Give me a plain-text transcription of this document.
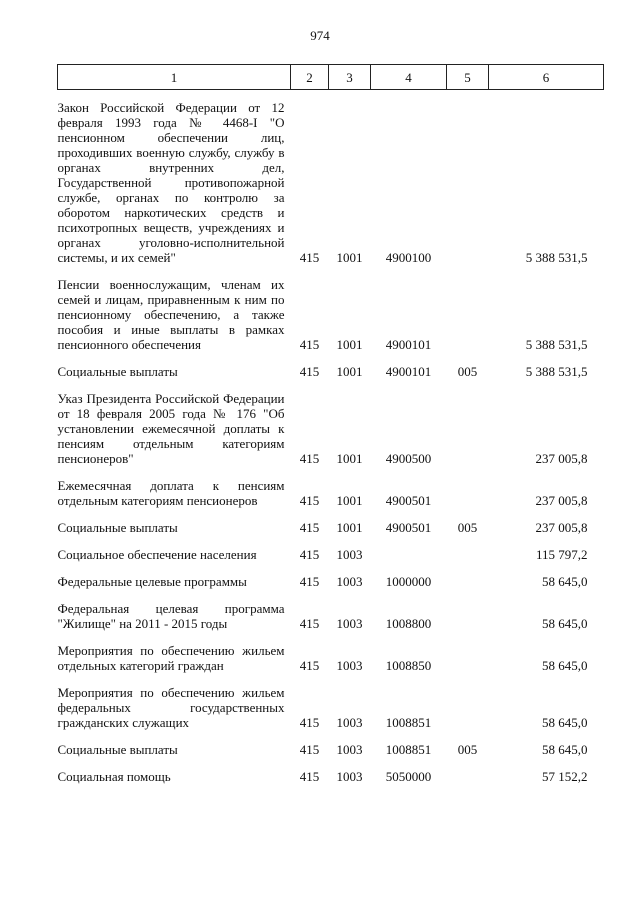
974
1	2	3	4	5	6
Закон Российской Федерации от 12 февраля 1993 года № 4468-I "О пенсионном обеспечении лиц, проходивших военную службу, службу в органах внутренних дел, Государственной противопожарной службе, органах по контролю за оборотом наркотических средств и психотропных веществ, учреждениях и органах уголовно-исполнительной системы, и их семей"	415	1001	4900100		5 388 531,5

Пенсии военнослужащим, членам их семей и лицам, приравненным к ним по пенсионному обеспечению, а также пособия и иные выплаты в рамках пенсионного обеспечения	415	1001	4900101		5 388 531,5

Социальные выплаты	415	1001	4900101	005	5 388 531,5

Указ Президента Российской Федерации от 18 февраля 2005 года № 176 "Об установлении ежемесячной доплаты к пенсиям отдельным категориям пенсионеров"	415	1001	4900500		237 005,8

Ежемесячная доплата к пенсиям отдельным категориям пенсионеров	415	1001	4900501		237 005,8

Социальные выплаты	415	1001	4900501	005	237 005,8

Социальное обеспечение населения	415	1003			115 797,2

Федеральные целевые программы	415	1003	1000000		58 645,0

Федеральная целевая программа "Жилище" на 2011 - 2015 годы	415	1003	1008800		58 645,0

Мероприятия по обеспечению жильем отдельных категорий граждан	415	1003	1008850		58 645,0

Мероприятия по обеспечению жильем федеральных государственных гражданских служащих	415	1003	1008851		58 645,0

Социальные выплаты	415	1003	1008851	005	58 645,0

Социальная помощь	415	1003	5050000		57 152,2
